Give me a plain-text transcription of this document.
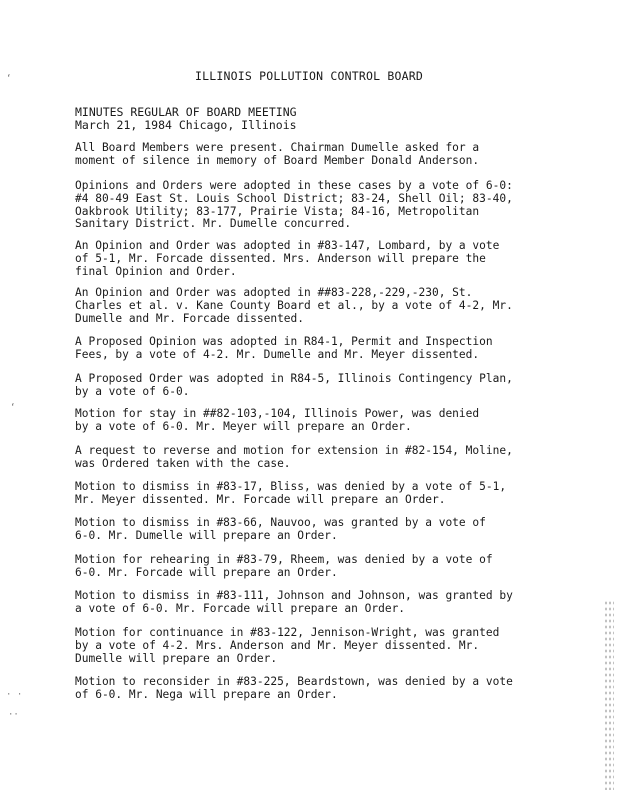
‘
‘
· ·
··
ILLINOIS POLLUTION CONTROL BOARD
MINUTES REGULAR OF BOARD MEETING
March 21, 1984 Chicago, Illinois
All Board Members were present. Chairman Dumelle asked for a
moment of silence in memory of Board Member Donald Anderson.
Opinions and Orders were adopted in these cases by a vote of 6-0:
#4 80-49 East St. Louis School District; 83-24, Shell Oil; 83-40,
Oakbrook Utility; 83-177, Prairie Vista; 84-16, Metropolitan
Sanitary District. Mr. Dumelle concurred.
An Opinion and Order was adopted in #83-147, Lombard, by a vote
of 5-1, Mr. Forcade dissented. Mrs. Anderson will prepare the
final Opinion and Order.
An Opinion and Order was adopted in ##83-228,-229,-230, St.
Charles et al. v. Kane County Board et al., by a vote of 4-2, Mr.
Dumelle and Mr. Forcade dissented.
A Proposed Opinion was adopted in R84-1, Permit and Inspection
Fees, by a vote of 4-2. Mr. Dumelle and Mr. Meyer dissented.
A Proposed Order was adopted in R84-5, Illinois Contingency Plan,
by a vote of 6-0.
Motion for stay in ##82-103,-104, Illinois Power, was denied
by a vote of 6-0. Mr. Meyer will prepare an Order.
A request to reverse and motion for extension in #82-154, Moline,
was Ordered taken with the case.
Motion to dismiss in #83-17, Bliss, was denied by a vote of 5-1,
Mr. Meyer dissented. Mr. Forcade will prepare an Order.
Motion to dismiss in #83-66, Nauvoo, was granted by a vote of
6-0. Mr. Dumelle will prepare an Order.
Motion for rehearing in #83-79, Rheem, was denied by a vote of
6-0. Mr. Forcade will prepare an Order.
Motion to dismiss in #83-111, Johnson and Johnson, was granted by
a vote of 6-0. Mr. Forcade will prepare an Order.
Motion for continuance in #83-122, Jennison-Wright, was granted
by a vote of 4-2. Mrs. Anderson and Mr. Meyer dissented. Mr.
Dumelle will prepare an Order.
Motion to reconsider in #83-225, Beardstown, was denied by a vote
of 6-0. Mr. Nega will prepare an Order.
